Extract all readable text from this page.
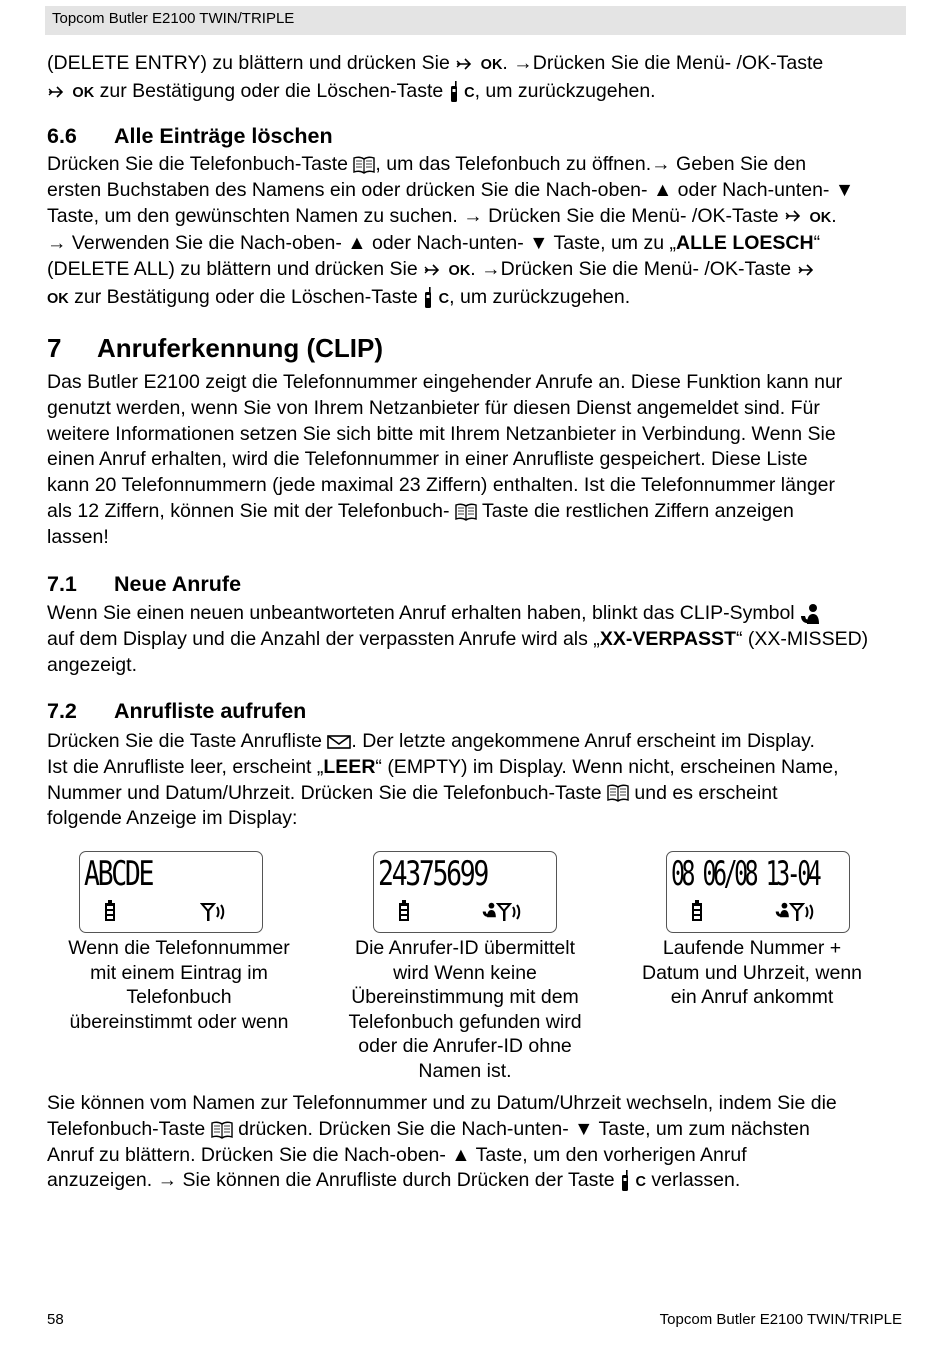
Topcom Butler E2100 TWIN/TRIPLE
(DELETE ENTRY) zu blättern und drücken Sie OK. →Drücken Sie die Menü- /OK-Taste
OK zur Bestätigung oder die Löschen-Taste C, um zurückzugehen.
6.6 Alle Einträge löschen
Drücken Sie die Telefonbuch-Taste , um das Telefonbuch zu öffnen.→ Geben Sie den
ersten Buchstaben des Namens ein oder drücken Sie die Nach-oben- ▲ oder Nach-unten- ▼
Taste, um den gewünschten Namen zu suchen. → Drücken Sie die Menü- /OK-Taste OK.
→ Verwenden Sie die Nach-oben- ▲ oder Nach-unten- ▼ Taste, um zu „ALLE LOESCH“
(DELETE ALL) zu blättern und drücken Sie OK. →Drücken Sie die Menü- /OK-Taste
OK zur Bestätigung oder die Löschen-Taste C, um zurückzugehen.
7 Anruferkennung (CLIP)
Das Butler E2100 zeigt die Telefonnummer eingehender Anrufe an. Diese Funktion kann nur
genutzt werden, wenn Sie von Ihrem Netzanbieter für diesen Dienst angemeldet sind. Für
weitere Informationen setzen Sie sich bitte mit Ihrem Netzanbieter in Verbindung. Wenn Sie
einen Anruf erhalten, wird die Telefonnummer in einer Anrufliste gespeichert. Diese Liste
kann 20 Telefonnummern (jede maximal 23 Ziffern) enthalten. Ist die Telefonnummer länger
als 12 Ziffern, können Sie mit der Telefonbuch-
Taste die restlichen Ziffern anzeigen
lassen!
7.1 Neue Anrufe
Wenn Sie einen neuen unbeantworteten Anruf erhalten haben, blinkt das CLIP-Symbol
auf dem Display und die Anzahl der verpassten Anrufe wird als „XX-VERPASST“ (XX-MISSED)
angezeigt.
7.2 Anrufliste aufrufen
Drücken Sie die Taste Anrufliste . Der letzte angekommene Anruf erscheint im Display.
Ist die Anrufliste leer, erscheint „LEER“ (EMPTY) im Display. Wenn nicht, erscheinen Name,
Nummer und Datum/Uhrzeit. Drücken Sie die Telefonbuch-Taste
und es erscheint
folgende Anzeige im Display:
ABCDE	24375699	08 06/08 13-04
Wenn die Telefonnummer
mit einem Eintrag im
Telefonbuch
übereinstimmt oder wenn
Die Anrufer-ID übermittelt
wird Wenn keine
Übereinstimmung mit dem
Telefonbuch gefunden wird
oder die Anrufer-ID ohne
Namen ist.
Laufende Nummer +
Datum und Uhrzeit, wenn
ein Anruf ankommt
Sie können vom Namen zur Telefonnummer und zu Datum/Uhrzeit wechseln, indem Sie die
Telefonbuch-Taste
drücken. Drücken Sie die Nach-unten- ▼ Taste, um zum nächsten
Anruf zu blättern. Drücken Sie die Nach-oben- ▲ Taste, um den vorherigen Anruf
anzuzeigen. → Sie können die Anrufliste durch Drücken der Taste C verlassen.
58	Topcom Butler E2100 TWIN/TRIPLE
